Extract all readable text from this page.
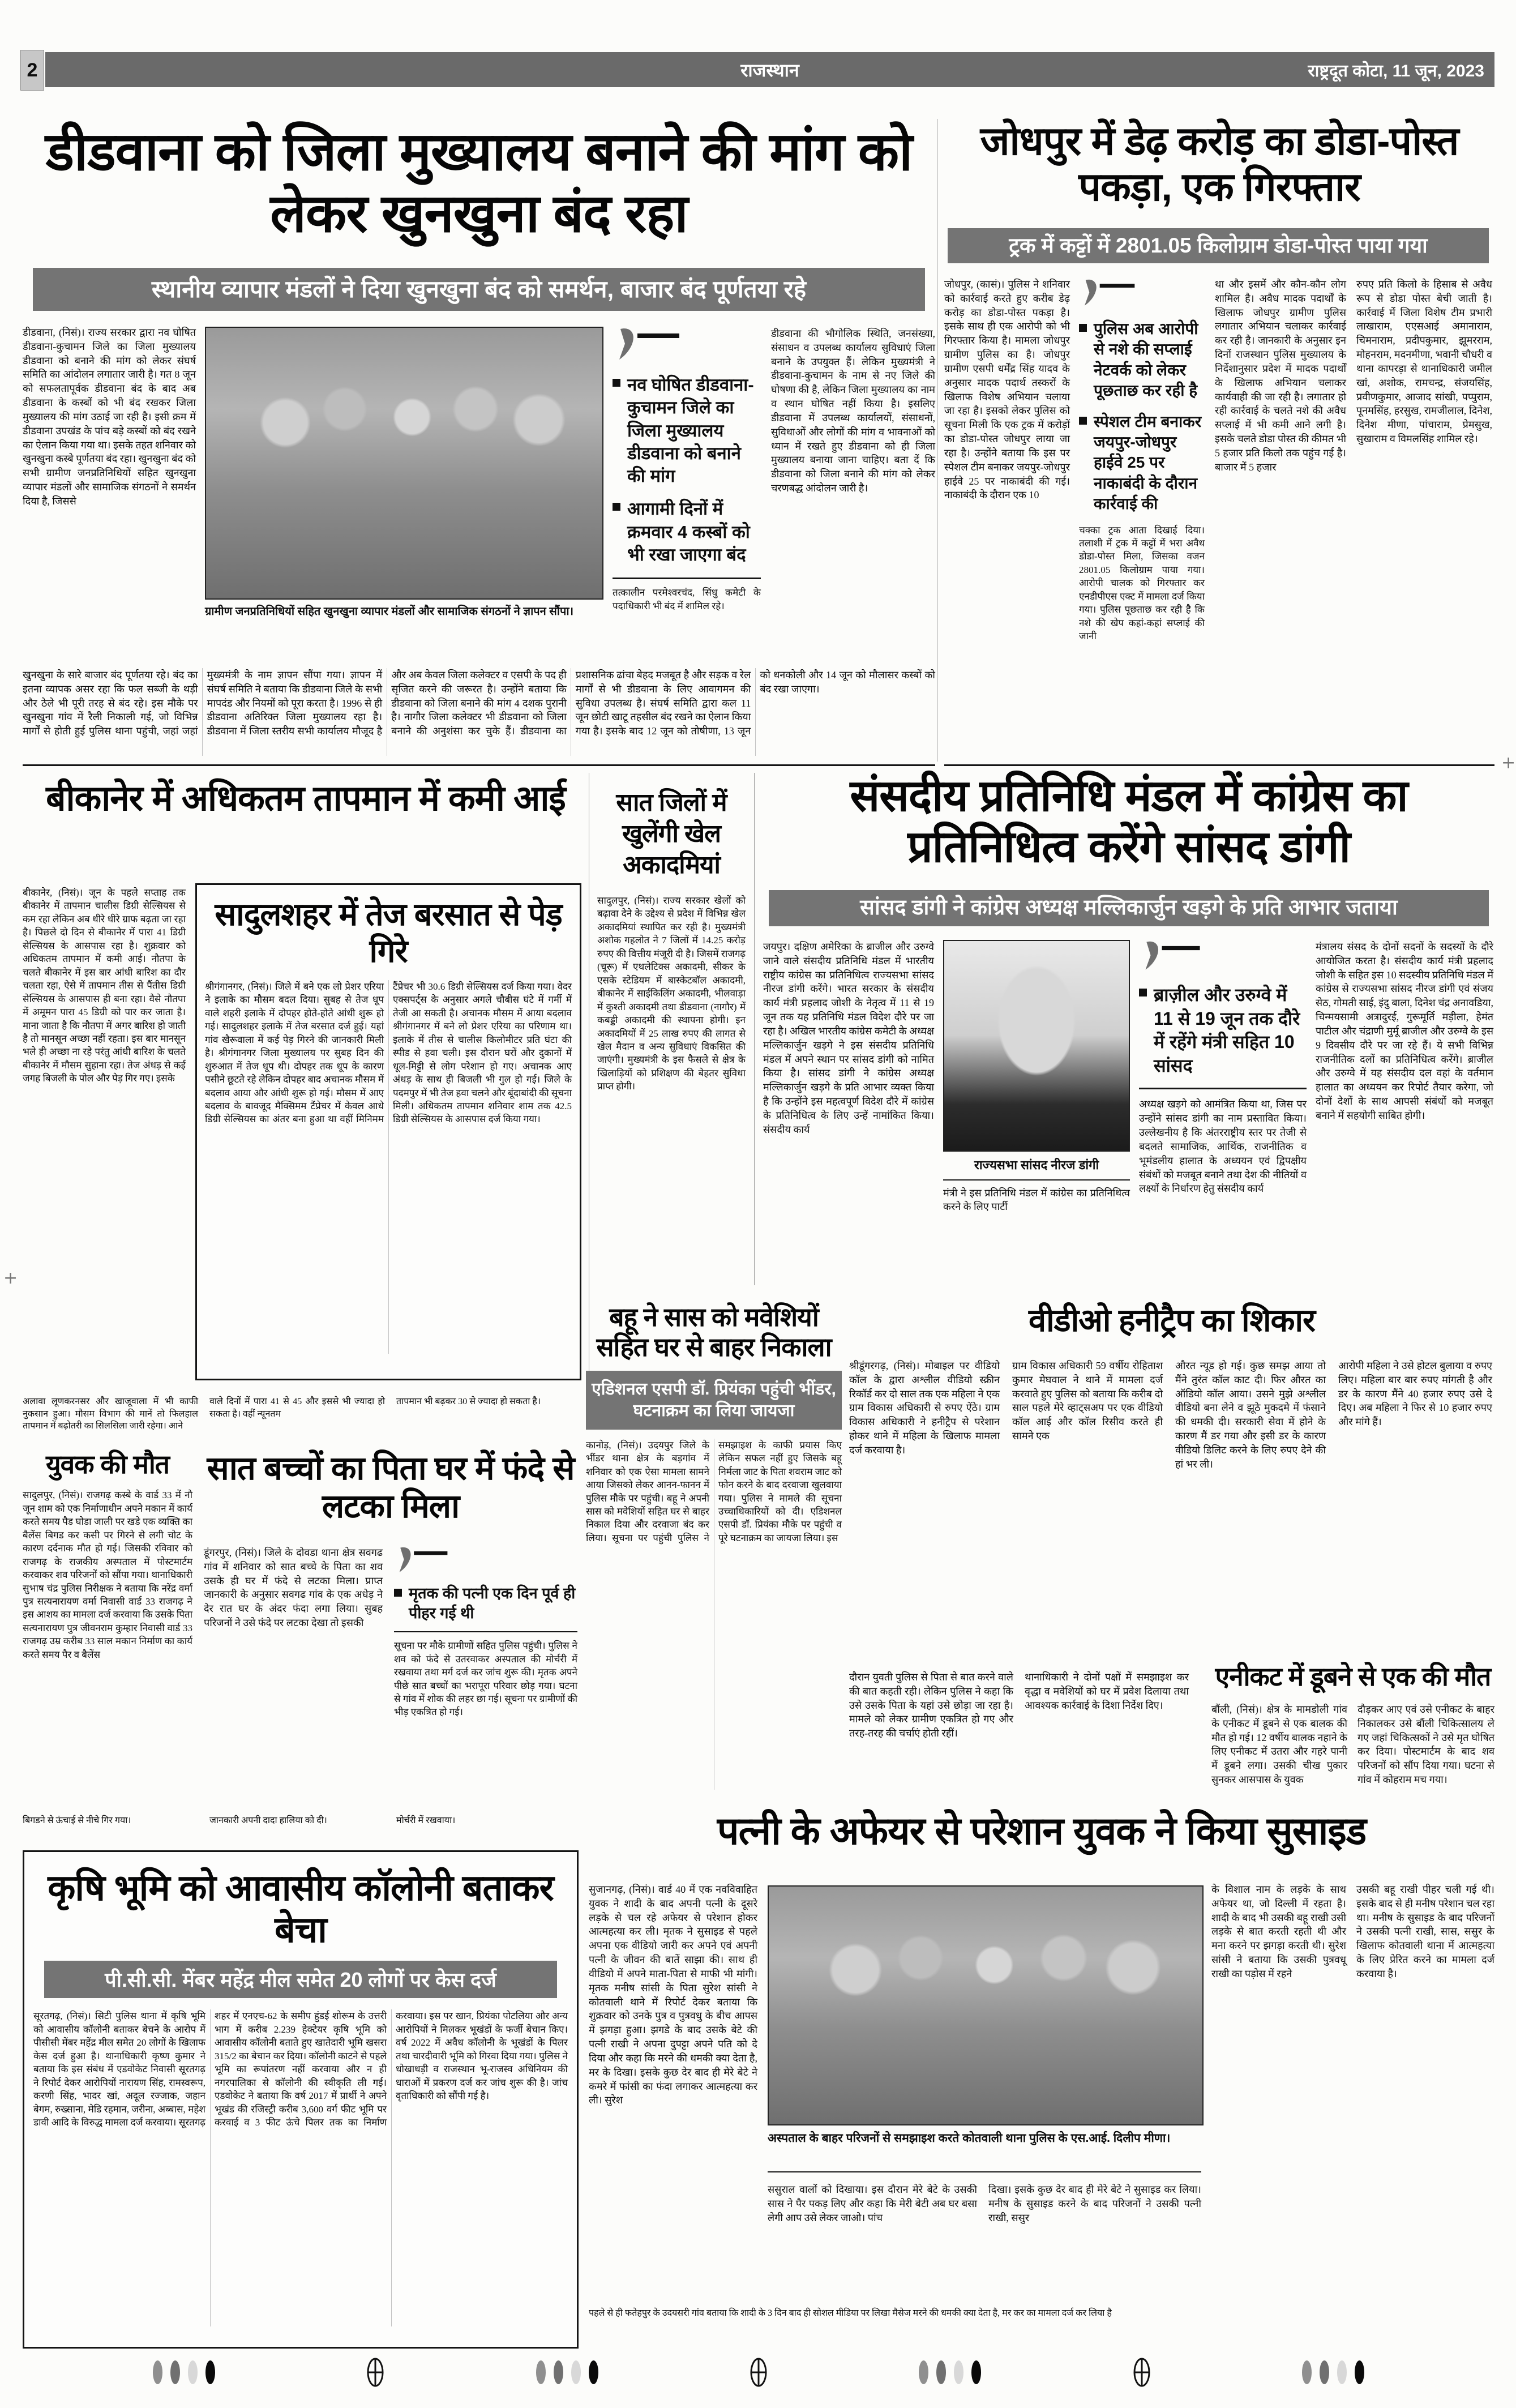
2	राजस्थान	राष्ट्रदूत कोटा, 11 जून, 2023
डीडवाना को जिला मुख्यालय बनाने की मांग को लेकर खुनखुना बंद रहा
स्थानीय व्यापार मंडलों ने दिया खुनखुना बंद को समर्थन, बाजार बंद पूर्णतया रहे
डीडवाना, (निसं)। राज्य सरकार द्वारा नव घोषित डीडवाना-कुचामन जिले का जिला मुख्यालय डीडवाना को बनाने की मांग को लेकर संघर्ष समिति का आंदोलन लगातार जारी है। गत 8 जून को सफलतापूर्वक डीडवाना बंद के बाद अब डीडवाना के कस्बों को भी बंद रखकर जिला मुख्यालय की मांग उठाई जा रही है। इसी क्रम में डीडवाना उपखंड के पांच बड़े कस्बों को बंद रखने का ऐलान किया गया था। इसके तहत शनिवार को खुनखुना कस्बे पूर्णतया बंद रहा। खुनखुना बंद को सभी ग्रामीण जनप्रतिनिधियों सहित खुनखुना व्यापार मंडलों और सामाजिक संगठनों ने समर्थन दिया है, जिससे
ग्रामीण जनप्रतिनिधियों सहित खुनखुना व्यापार मंडलों और सामाजिक संगठनों ने ज्ञापन सौंपा।
नव घोषित डीडवाना-कुचामन जिले का जिला मुख्यालय डीडवाना को बनाने की मांग
आगामी दिनों में क्रमवार 4 कस्बों को भी रखा जाएगा बंद
तत्कालीन परमेश्वरचंद, सिंधु कमेटी के पदाधिकारी भी बंद में शामिल रहे।
डीडवाना की भौगोलिक स्थिति, जनसंख्या, संसाधन व उपलब्ध कार्यालय सुविधाएं जिला बनाने के उपयुक्त हैं। लेकिन मुख्यमंत्री ने डीडवाना-कुचामन के नाम से नए जिले की घोषणा की है, लेकिन जिला मुख्यालय का नाम व स्थान घोषित नहीं किया है। इसलिए डीडवाना में उपलब्ध कार्यालयों, संसाधनों, सुविधाओं और लोगों की मांग व भावनाओं को ध्यान में रखते हुए डीडवाना को ही जिला मुख्यालय बनाया जाना चाहिए। बता दें कि डीडवाना को जिला बनाने की मांग को लेकर चरणबद्ध आंदोलन जारी है।
खुनखुना के सारे बाजार बंद पूर्णतया रहे। बंद का इतना व्यापक असर रहा कि फल सब्जी के थड़ी और ठेले भी पूरी तरह से बंद रहे। इस मौके पर खुनखुना गांव में रैली निकाली गई, जो विभिन्न मार्गों से होती हुई पुलिस थाना पहुंची, जहां जहां मुख्यमंत्री के नाम ज्ञापन सौंपा गया। ज्ञापन में संघर्ष समिति ने बताया कि डीडवाना जिले के सभी मापदंड और नियमों को पूरा करता है। 1996 से ही डीडवाना अतिरिक्त जिला मुख्यालय रहा है। डीडवाना में जिला स्तरीय सभी कार्यालय मौजूद है और अब केवल जिला कलेक्टर व एसपी के पद ही सृजित करने की जरूरत है। उन्होंने बताया कि डीडवाना को जिला बनाने की मांग 4 दशक पुरानी है। नागौर जिला कलेक्टर भी डीडवाना को जिला बनाने की अनुशंसा कर चुके हैं। डीडवाना का प्रशासनिक ढांचा बेहद मजबूत है और सड़क व रेल मार्गों से भी डीडवाना के लिए आवागमन की सुविधा उपलब्ध है। संघर्ष समिति द्वारा कल 11 जून छोटी खाटू तहसील बंद रखने का ऐलान किया गया है। इसके बाद 12 जून को तोषीणा, 13 जून को धनकोली और 14 जून को मौलासर कस्बों को बंद रखा जाएगा।
जोधपुर में डेढ़ करोड़ का डोडा-पोस्त पकड़ा, एक गिरफ्तार
ट्रक में कट्टों में 2801.05 किलोग्राम डोडा-पोस्त पाया गया
जोधपुर, (कासं)। पुलिस ने शनिवार को कार्रवाई करते हुए करीब डेढ़ करोड़ का डोडा-पोस्त पकड़ा है। इसके साथ ही एक आरोपी को भी गिरफ्तार किया है। मामला जोधपुर ग्रामीण पुलिस का है। जोधपुर ग्रामीण एसपी धर्मेंद्र सिंह यादव के अनुसार मादक पदार्थ तस्करों के खिलाफ विशेष अभियान चलाया जा रहा है। इसको लेकर पुलिस को सूचना मिली कि एक ट्रक में करोड़ों का डोडा-पोस्त जोधपुर लाया जा रहा है। उन्होंने बताया कि इस पर स्पेशल टीम बनाकर जयपुर-जोधपुर हाईवे 25 पर नाकाबंदी की गई। नाकाबंदी के दौरान एक 10
पुलिस अब आरोपी से नशे की सप्लाई नेटवर्क को लेकर पूछताछ कर रही है
स्पेशल टीम बनाकर जयपुर-जोधपुर हाईवे 25 पर नाकाबंदी के दौरान कार्रवाई की
चक्का ट्रक आता दिखाई दिया। तलाशी में ट्रक में कट्टों में भरा अवैध डोडा-पोस्त मिला, जिसका वजन 2801.05 किलोग्राम पाया गया। आरोपी चालक को गिरफ्तार कर एनडीपीएस एक्ट में मामला दर्ज किया गया। पुलिस पूछताछ कर रही है कि नशे की खेप कहां-कहां सप्लाई की जानी
था और इसमें और कौन-कौन लोग शामिल है। अवैध मादक पदार्थों के खिलाफ जोधपुर ग्रामीण पुलिस लगातार अभियान चलाकर कार्रवाई कर रही है। जानकारी के अनुसार इन दिनों राजस्थान पुलिस मुख्यालय के निर्देशानुसार प्रदेश में मादक पदार्थों के खिलाफ अभियान चलाकर कार्यवाही की जा रही है। लगातार हो रही कार्रवाई के चलते नशे की अवैध सप्लाई में भी कमी आने लगी है। इसके चलते डोडा पोस्त की कीमत भी 5 हजार प्रति किलो तक पहुंच गई है। बाजार में 5 हजार
रुपए प्रति किलो के हिसाब से अवैध रूप से डोडा पोस्त बेची जाती है। कार्रवाई में जिला विशेष टीम प्रभारी लाखाराम, एएसआई अमानाराम, चिमनाराम, प्रदीपकुमार, झूमरराम, मोहनराम, मदनमीणा, भवानी चौधरी व थाना कापरड़ा से थानाधिकारी जमील खां, अशोक, रामचन्द्र, संजयसिंह, प्रवीणकुमार, आजाद सांखी, पप्पुराम, पूनमसिंह, हरसुख, रामजीलाल, दिनेश, दिनेश मीणा, पांचाराम, प्रेमसुख, सुखाराम व विमलसिंह शामिल रहे।
बीकानेर में अधिकतम तापमान में कमी आई
बीकानेर, (निसं)। जून के पहले सप्ताह तक बीकानेर में तापमान चालीस डिग्री सेल्सियस से कम रहा लेकिन अब धीरे धीरे ग्राफ बढ़ता जा रहा है। पिछले दो दिन से बीकानेर में पारा 41 डिग्री सेल्सियस के आसपास रहा है। शुक्रवार को अधिकतम तापमान में कमी आई। नौतपा के चलते बीकानेर में इस बार आंधी बारिश का दौर चलता रहा, ऐसे में तापमान तीस से पैंतीस डिग्री सेल्सियस के आसपास ही बना रहा। वैसे नौतपा में अमूमन पारा 45 डिग्री को पार कर जाता है। माना जाता है कि नौतपा में अगर बारिश हो जाती है तो मानसून अच्छा नहीं रहता। इस बार मानसून भले ही अच्छा ना रहे परंतु आंधी बारिश के चलते बीकानेर में मौसम सुहाना रहा। तेज अंधड़ से कई जगह बिजली के पोल और पेड़ गिर गए। इसके
सादुलशहर में तेज बरसात से पेड़ गिरे
श्रीगंगानगर, (निसं)। जिले में बने एक लो प्रेशर एरिया ने इलाके का मौसम बदल दिया। सुबह से तेज धूप वाले शहरी इलाके में दोपहर होते-होते आंधी शुरू हो गई। सादुलशहर इलाके में तेज बरसात दर्ज हुई। यहां गांव खैरूवाला में कई पेड़ गिरने की जानकारी मिली है। श्रीगंगानगर जिला मुख्यालय पर सुबह दिन की शुरुआत में तेज धूप थी। दोपहर तक धूप के कारण पसीने छूटते रहे लेकिन दोपहर बाद अचानक मौसम में बदलाव आया और आंधी शुरू हो गई। मौसम में आए बदलाव के बावजूद मैक्सिमम टैंप्रेचर में केवल आधे डिग्री सेल्सियस का अंतर बना हुआ था वहीं मिनिमम टैंप्रेचर भी 30.6 डिग्री सेल्सियस दर्ज किया गया। वेदर एक्सपर्ट्स के अनुसार अगले चौबीस घंटे में गर्मी में तेजी आ सकती है। अचानक मौसम में आया बदलाव श्रीगंगानगर में बने लो प्रेशर एरिया का परिणाम था। इलाके में तीस से चालीस किलोमीटर प्रति घंटा की स्पीड से हवा चली। इस दौरान घरों और दुकानों में धूल-मिट्टी से लोग परेशान हो गए। अचानक आए अंधड़ के साथ ही बिजली भी गुल हो गई। जिले के पदमपुर में भी तेज हवा चलने और बूंदाबांदी की सूचना मिली। अधिकतम तापमान शनिवार शाम तक 42.5 डिग्री सेल्सियस के आसपास दर्ज किया गया।
अलावा लूणकरनसर और खाजूवाला में भी काफी नुकसान हुआ। मौसम विभाग की मानें तो फिलहाल तापमान में बढ़ोतरी का सिलसिला जारी रहेगा। आने
वाले दिनों में पारा 41 से 45 और इससे भी ज्यादा हो सकता है। वहीं न्यूनतम
तापमान भी बढ़कर 30 से ज्यादा हो सकता है।
सात जिलों में खुलेंगी खेल अकादमियां
सादुलपुर, (निसं)। राज्य सरकार खेलों को बढ़ावा देने के उद्देश्य से प्रदेश में विभिन्न खेल अकादमियां स्थापित कर रही है। मुख्यमंत्री अशोक गहलोत ने 7 जिलों में 14.25 करोड़ रुपए की वित्तीय मंजूरी दी है। जिसमें राजगढ़ (चूरू) में एथलेटिक्स अकादमी, सीकर के एसके स्टेडियम में बास्केटबॉल अकादमी, बीकानेर में साईकिलिंग अकादमी, भीलवाड़ा में कुश्ती अकादमी तथा डीडवाना (नागौर) में कबड्डी अकादमी की स्थापना होगी। इन अकादमियों में 25 लाख रुपए की लागत से खेल मैदान व अन्य सुविधाएं विकसित की जाएंगी। मुख्यमंत्री के इस फैसले से क्षेत्र के खिलाड़ियों को प्रशिक्षण की बेहतर सुविधा प्राप्त होगी।
संसदीय प्रतिनिधि मंडल में कांग्रेस का प्रतिनिधित्व करेंगे सांसद डांगी
सांसद डांगी ने कांग्रेस अध्यक्ष मल्लिकार्जुन खड़गे के प्रति आभार जताया
जयपुर। दक्षिण अमेरिका के ब्राजील और उरुग्वे जाने वाले संसदीय प्रतिनिधि मंडल में भारतीय राष्ट्रीय कांग्रेस का प्रतिनिधित्व राज्यसभा सांसद नीरज डांगी करेंगे। भारत सरकार के संसदीय कार्य मंत्री प्रहलाद जोशी के नेतृत्व में 11 से 19 जून तक यह प्रतिनिधि मंडल विदेश दौरे पर जा रहा है। अखिल भारतीय कांग्रेस कमेटी के अध्यक्ष मल्लिकार्जुन खड़गे ने इस संसदीय प्रतिनिधि मंडल में अपने स्थान पर सांसद डांगी को नामित किया है। सांसद डांगी ने कांग्रेस अध्यक्ष मल्लिकार्जुन खड़गे के प्रति आभार व्यक्त किया है कि उन्होंने इस महत्वपूर्ण विदेश दौरे में कांग्रेस के प्रतिनिधित्व के लिए उन्हें नामांकित किया। संसदीय कार्य
राज्यसभा सांसद नीरज डांगी
मंत्री ने इस प्रतिनिधि मंडल में कांग्रेस का प्रतिनिधित्व करने के लिए पार्टी
ब्राज़ील और उरुग्वे में 11 से 19 जून तक दौरे में रहेंगे मंत्री सहित 10 सांसद
अध्यक्ष खड़गे को आमंत्रित किया था, जिस पर उन्होंने सांसद डांगी का नाम प्रस्तावित किया। उल्लेखनीय है कि अंतरराष्ट्रीय स्तर पर तेजी से बदलते सामाजिक, आर्थिक, राजनीतिक व भूमंडलीय हालात के अध्ययन एवं द्विपक्षीय संबंधों को मजबूत बनाने तथा देश की नीतियों व लक्ष्यों के निर्धारण हेतु संसदीय कार्य
मंत्रालय संसद के दोनों सदनों के सदस्यों के दौरे आयोजित करता है। संसदीय कार्य मंत्री प्रहलाद जोशी के सहित इस 10 सदस्यीय प्रतिनिधि मंडल में कांग्रेस से राज्यसभा सांसद नीरज डांगी एवं संजय सेठ, गोमती साई, इंदु बाला, दिनेश चंद्र अनावडिया, चिन्मयसामी अत्रादुरई, गुरूमूर्ति मड़ीला, हेमंत पाटील और चंद्राणी मुर्मू ब्राजील और उरुग्वे के इस 9 दिवसीय दौरे पर जा रहे हैं। ये सभी विभिन्न राजनीतिक दलों का प्रतिनिधित्व करेंगे। ब्राजील और उरुग्वे में यह संसदीय दल वहां के वर्तमान हालात का अध्ययन कर रिपोर्ट तैयार करेगा, जो दोनों देशों के साथ आपसी संबंधों को मजबूत बनाने में सहयोगी साबित होगी।
बहू ने सास को मवेशियों सहित घर से बाहर निकाला
एडिशनल एसपी डॉ. प्रियंका पहुंची भींडर, घटनाक्रम का लिया जायजा
कानोड़, (निसं)। उदयपुर जिले के भींडर थाना क्षेत्र के बड़गांव में शनिवार को एक ऐसा मामला सामने आया जिसको लेकर आनन-फानन में पुलिस मौके पर पहुंची। बहू ने अपनी सास को मवेशियों सहित घर से बाहर निकाल दिया और दरवाजा बंद कर लिया। सूचना पर पहुंची पुलिस ने समझाइश के काफी प्रयास किए लेकिन सफल नहीं हुए जिसके बहू निर्मला जाट के पिता शवराम जाट को फोन करने के बाद दरवाजा खुलवाया गया। पुलिस ने मामले की सूचना उच्चाधिकारियों को दी। एडिशनल एसपी डॉ. प्रियंका मौके पर पहुंची व पूरे घटनाक्रम का जायजा लिया। इस
वीडीओ हनीट्रैप का शिकार
श्रीडूंगरगढ़, (निसं)। मोबाइल पर वीडियो कॉल के द्वारा अश्लील वीडियो स्क्रीन रिकॉर्ड कर दो साल तक एक महिला ने एक ग्राम विकास अधिकारी से रुपए ऐंठे। ग्राम विकास अधिकारी ने हनीट्रैप से परेशान होकर थाने में महिला के खिलाफ मामला दर्ज करवाया है।
ग्राम विकास अधिकारी 59 वर्षीय रोहिताश कुमार मेघवाल ने थाने में मामला दर्ज करवाते हुए पुलिस को बताया कि करीब दो साल पहले मेरे व्हाट्सअप पर एक वीडियो कॉल आई और कॉल रिसीव करते ही सामने एक
औरत न्यूड हो गई। कुछ समझ आया तो मैंने तुरंत कॉल काट दी। फिर औरत का ऑडियो कॉल आया। उसने मुझे अश्लील वीडियो बना लेने व झूठे मुकदमे में फंसाने की धमकी दी। सरकारी सेवा में होने के कारण मैं डर गया और इसी डर के कारण वीडियो डिलिट करने के लिए रुपए देने की हां भर ली।
आरोपी महिला ने उसे होटल बुलाया व रुपए लिए। महिला बार बार रुपए मांगती है और डर के कारण मैंने 40 हजार रुपए उसे दे दिए। अब महिला ने फिर से 10 हजार रुपए और मांगे हैं।
दौरान युवती पुलिस से पिता से बात करने वाले की बात कहती रही। लेकिन पुलिस ने कहा कि उसे उसके पिता के यहां उसे छोड़ा जा रहा है। मामले को लेकर ग्रामीण एकत्रित हो गए और तरह-तरह की चर्चाएं होती रहीं।
थानाधिकारी ने दोनों पक्षों में समझाइश कर वृद्धा व मवेशियों को घर में प्रवेश दिलाया तथा आवश्यक कार्रवाई के दिशा निर्देश दिए।
एनीकट में डूबने से एक की मौत
बौंली, (निसं)। क्षेत्र के मामडोली गांव के एनीकट में डूबने से एक बालक की मौत हो गई। 12 वर्षीय बालक नहाने के लिए एनीकट में उतरा और गहरे पानी में डूबने लगा। उसकी चीख पुकार सुनकर आसपास के युवक
दौड़कर आए एवं उसे एनीकट के बाहर निकालकर उसे बौंली चिकित्सालय ले गए जहां चिकित्सकों ने उसे मृत घोषित कर दिया। पोस्टमार्टम के बाद शव परिजनों को सौंप दिया गया। घटना से गांव में कोहराम मच गया।
युवक की मौत
सादुलपुर, (निसं)। राजगढ़ कस्बे के वार्ड 33 में नौ जून शाम को एक निर्माणाधीन अपने मकान में कार्य करते समय पैड घोडा जाली पर खडे एक व्यक्ति का बैलेंस बिगड कर कसी पर गिरने से लगी चोट के कारण दर्दनाक मौत हो गई। जिसकी रविवार को राजगढ़ के राजकीय अस्पताल में पोस्टमार्टम करवाकर शव परिजनों को सौंपा गया। थानाधिकारी सुभाष चंद्र पुलिस निरीक्षक ने बताया कि नरेंद्र वर्मा पुत्र सत्यनारायण वर्मा निवासी वार्ड 33 राजगढ़ ने इस आशय का मामला दर्ज करवाया कि उसके पिता सत्यनारायण पुत्र जीवनराम कुम्हार निवासी वार्ड 33 राजगढ़ उम्र करीब 33 साल मकान निर्माण का कार्य करते समय पैर व बैलेंस
सात बच्चों का पिता घर में फंदे से लटका मिला
डूंगरपुर, (निसं)। जिले के दोवडा थाना क्षेत्र सवगढ गांव में शनिवार को सात बच्चे के पिता का शव उसके ही घर में फंदे से लटका मिला। प्राप्त जानकारी के अनुसार सवगढ गांव के एक अधेड़ ने देर रात घर के अंदर फंदा लगा लिया। सुबह परिजनों ने उसे फंदे पर लटका देखा तो इसकी
मृतक की पत्नी एक दिन पूर्व ही पीहर गई थी
सूचना पर मौके ग्रामीणों सहित पुलिस पहुंची। पुलिस ने शव को फंदे से उतरवाकर अस्पताल की मोर्चरी में रखवाया तथा मर्ग दर्ज कर जांच शुरू की। मृतक अपने पीछे सात बच्चों का भरापूरा परिवार छोड़ गया। घटना से गांव में शोक की लहर छा गई। सूचना पर ग्रामीणों की भीड़ एकत्रित हो गई।
बिगडने से ऊंचाई से नीचे गिर गया।	जानकारी अपनी दादा हालिया को दी।	मोर्चरी में रखवाया।
कृषि भूमि को आवासीय कॉलोनी बताकर बेचा
पी.सी.सी. मेंबर महेंद्र मील समेत 20 लोगों पर केस दर्ज
सूरतगढ़, (निसं)। सिटी पुलिस थाना में कृषि भूमि को आवासीय कॉलोनी बताकर बेचने के आरोप में पीसीसी मेंबर महेंद्र मील समेत 20 लोगों के खिलाफ केस दर्ज हुआ है। थानाधिकारी कृष्ण कुमार ने बताया कि इस संबंध में एडवोकेट निवासी सूरतगढ़ ने रिपोर्ट देकर आरोपियों नारायण सिंह, रामस्वरूप, करणी सिंह, भादर खां, अदूल रज्जाक, जहान बेगम, रुख्साना, मेडि रहमान, जरीना, अब्बास, महेश डावी आदि के विरुद्ध मामला दर्ज करवाया। सूरतगढ़ शहर में एनएच-62 के समीप हुंडई शोरूम के उत्तरी भाग में करीब 2.239 हेक्टेयर कृषि भूमि को आवासीय कॉलोनी बताते हुए खातेदारी भूमि खसरा 315/2 का बेचान कर दिया। कॉलोनी काटने से पहले भूमि का रूपांतरण नहीं करवाया और न ही नगरपालिका से कॉलोनी की स्वीकृति ली गई। एडवोकेट ने बताया कि वर्ष 2017 में प्रार्थी ने अपने भूखंड की रजिस्ट्री करीब 3,600 वर्ग फीट भूमि पर करवाई व 3 फीट ऊंचे पिलर तक का निर्माण करवाया। इस पर खान, प्रियंका पोटलिया और अन्य आरोपियों ने मिलकर भूखंडों के फर्जी बेचान किए। वर्ष 2022 में अवैध कॉलोनी के भूखंडों के पिलर तथा चारदीवारी भूमि को गिरवा दिया गया। पुलिस ने धोखाधड़ी व राजस्थान भू-राजस्व अधिनियम की धाराओं में प्रकरण दर्ज कर जांच शुरू की है। जांच वृताधिकारी को सौंपी गई है।
पत्नी के अफेयर से परेशान युवक ने किया सुसाइड
सुजानगढ़, (निसं)। वार्ड 40 में एक नवविवाहित युवक ने शादी के बाद अपनी पत्नी के दूसरे लड़के से चल रहे अफेयर से परेशान होकर आत्महत्या कर ली। मृतक ने सुसाइड से पहले अपना एक वीडियो जारी कर अपने एवं अपनी पत्नी के जीवन की बातें साझा की। साथ ही वीडियो में अपने माता-पिता से माफी भी मांगी। मृतक मनीष सांसी के पिता सुरेश सांसी ने कोतवाली थाने में रिपोर्ट देकर बताया कि शुक्रवार को उनके पुत्र व पुत्रवधु के बीच आपस में झगड़ा हुआ। झगडे के बाद उसके बेटे की पत्नी राखी ने अपना दुपट्टा अपने पति को दे दिया और कहा कि मरने की धमकी क्या देता है, मर के दिखा। इसके कुछ देर बाद ही मेरे बेटे ने कमरे में फांसी का फंदा लगाकर आत्महत्या कर ली। सुरेश
अस्पताल के बाहर परिजनों से समझाइश करते कोतवाली थाना पुलिस के एस.आई. दिलीप मीणा।
ससुराल वालों को दिखाया। इस दौरान मेरे बेटे के उसकी सास ने पैर पकड़ लिए और कहा कि मेरी बेटी अब घर बसा लेगी आप उसे लेकर जाओ। पांच
दिखा। इसके कुछ देर बाद ही मेरे बेटे ने सुसाइड कर लिया। मनीष के सुसाइड करने के बाद परिजनों ने उसकी पत्नी राखी, ससुर
के विशाल नाम के लड़के के साथ अफेयर था, जो दिल्ली में रहता है। शादी के बाद भी उसकी बहू राखी उसी लड़के से बात करती रहती थी और मना करने पर झगड़ा करती थी। सुरेश सांसी ने बताया कि उसकी पुत्रवधू राखी का पड़ोस में रहने
उसकी बहू राखी पीहर चली गई थी। इसके बाद से ही मनीष परेशान चल रहा था। मनीष के सुसाइड के बाद परिजनों ने उसकी पत्नी राखी, सास, ससुर के खिलाफ कोतवाली थाना में आत्महत्या के लिए प्रेरित करने का मामला दर्ज करवाया है।
पहले से ही फतेहपुर के उदयसरी गांव बताया कि शादी के 3 दिन बाद ही सोशल मीडिया पर लिखा मैसेज मरने की धमकी क्या देता है, मर कर का मामला दर्ज कर लिया है
+
+
